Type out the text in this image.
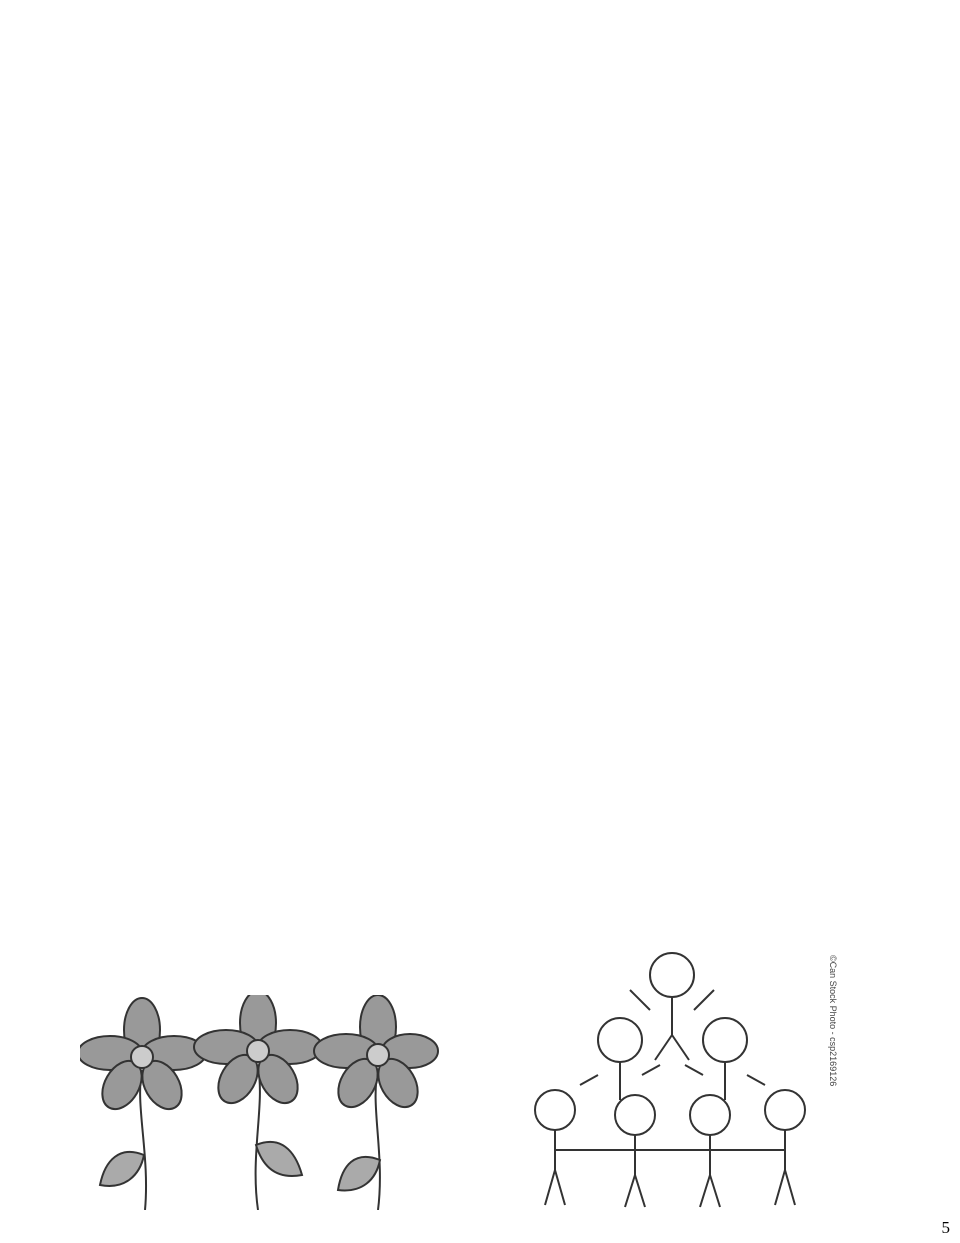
©Can Stock Photo - csp2169126
5
